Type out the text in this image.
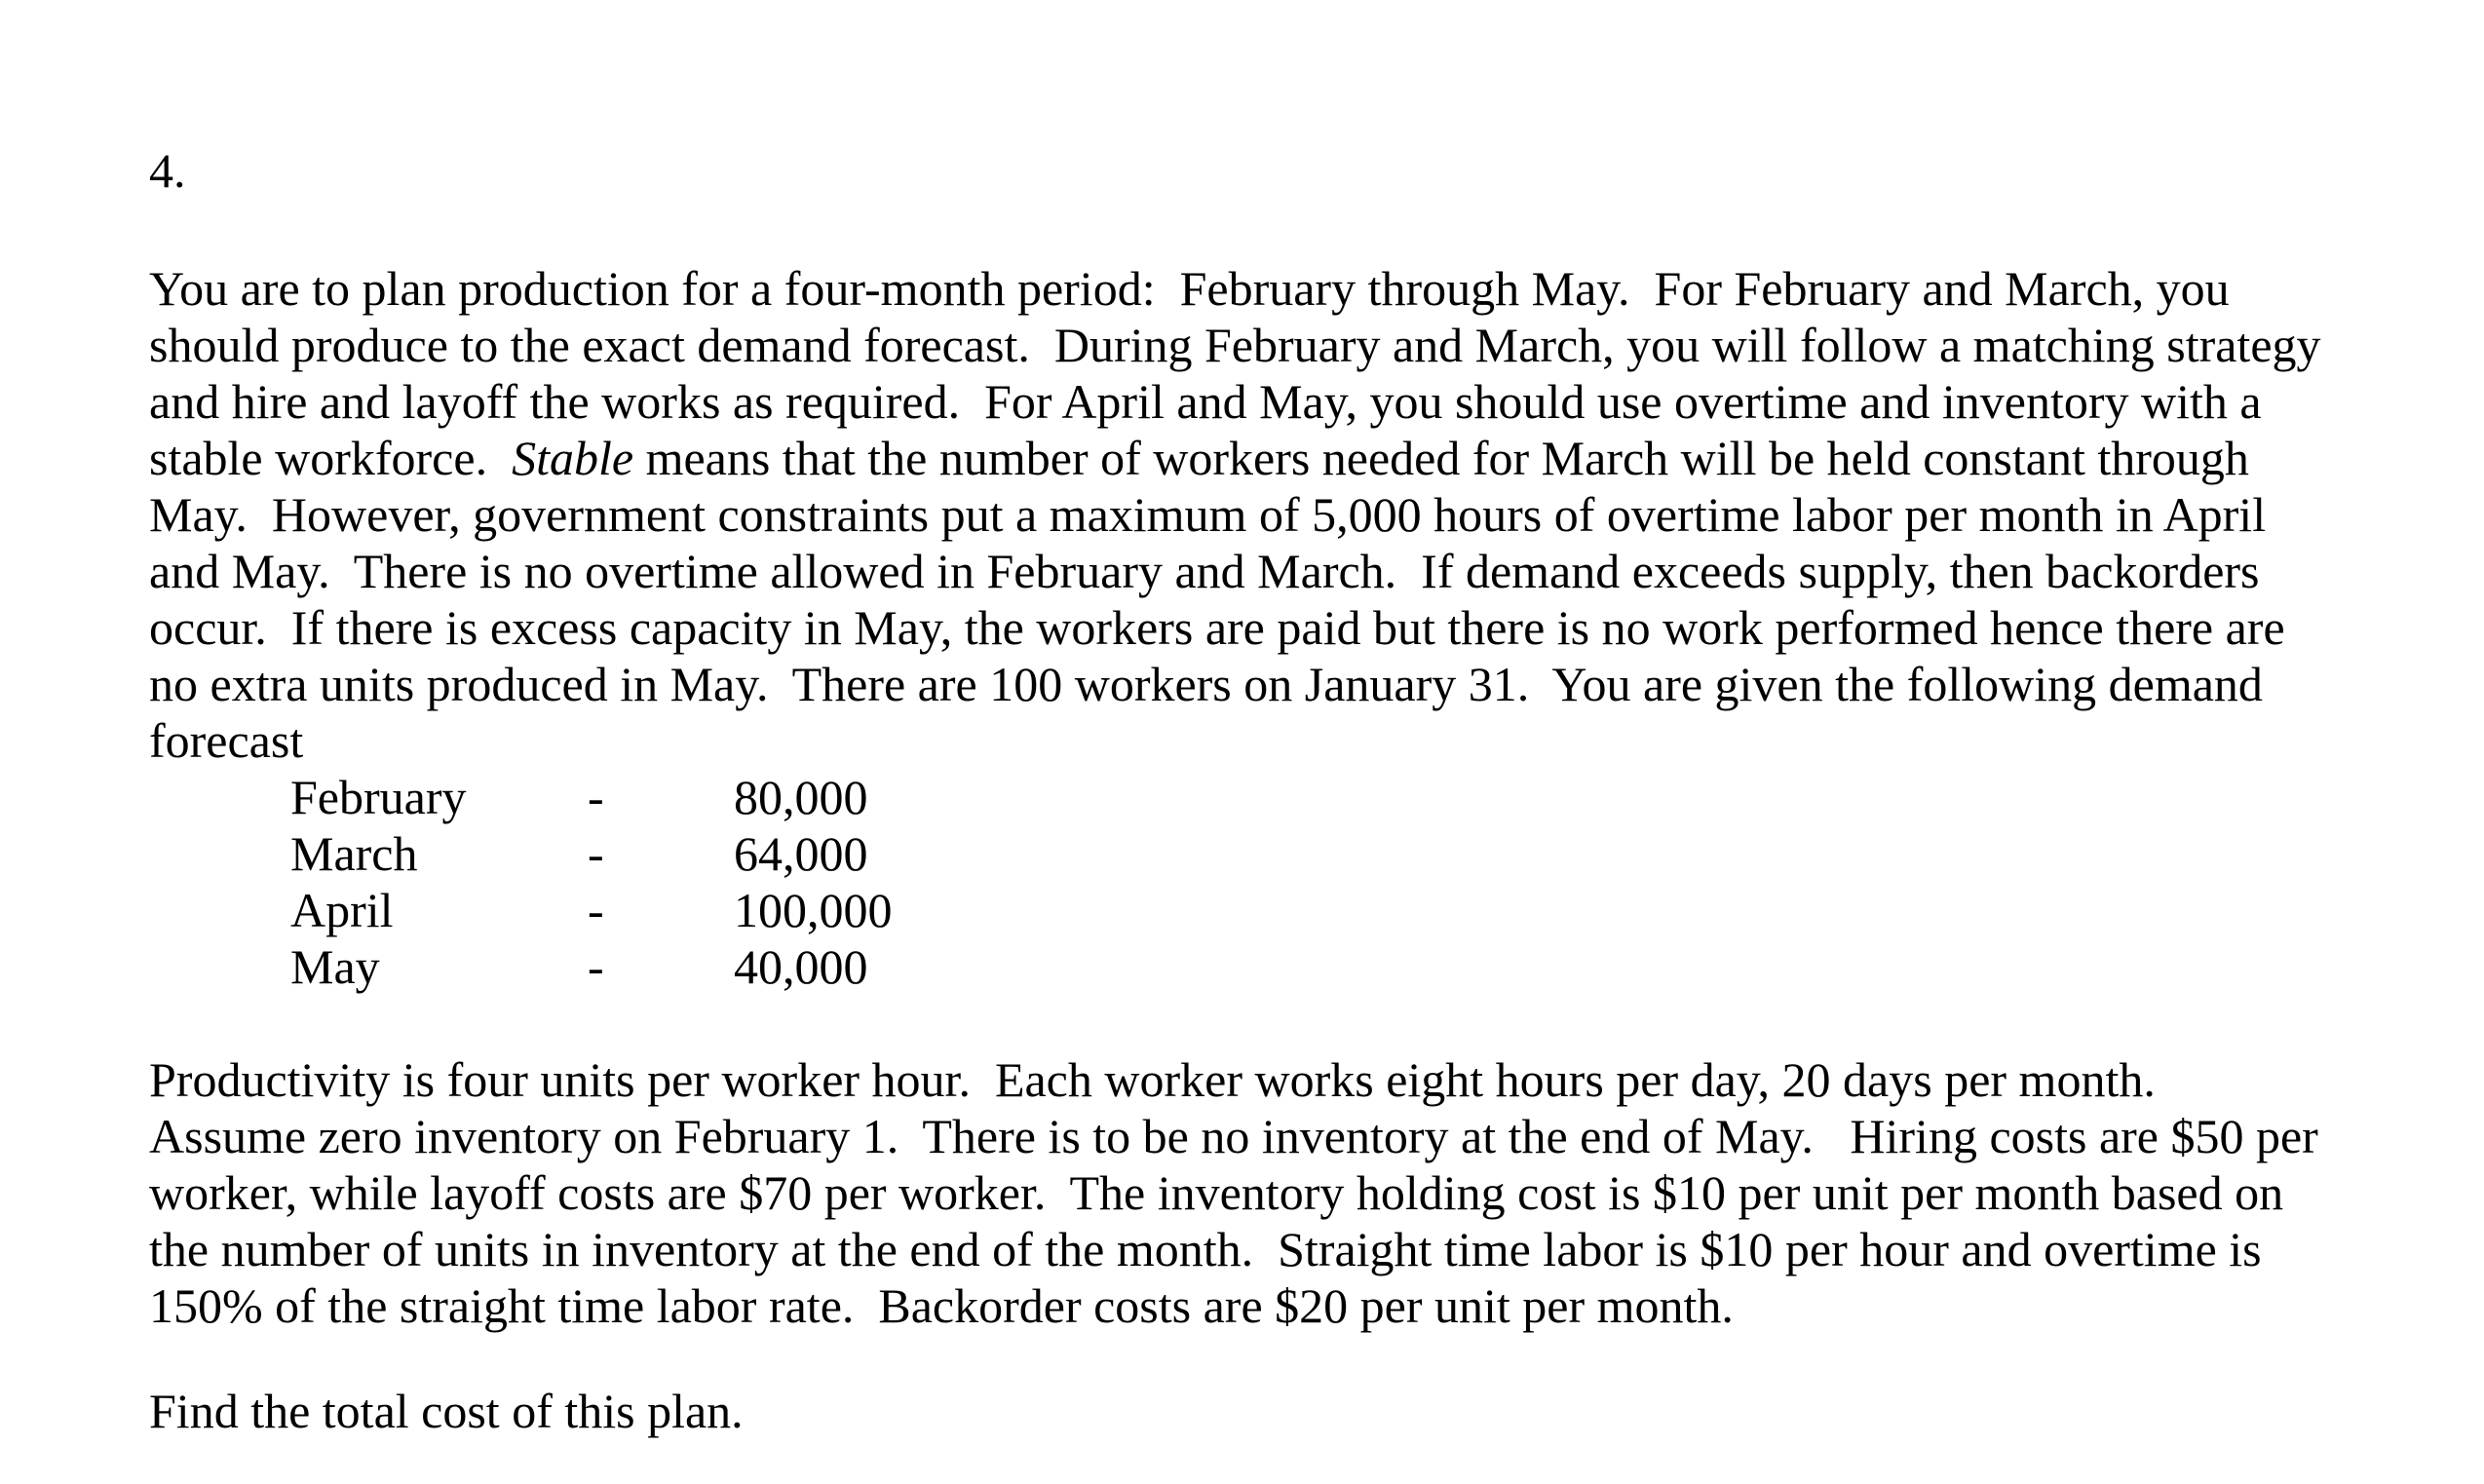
4.
You are to plan production for a four-month period:  February through May.  For February and March, you
should produce to the exact demand forecast.  During February and March, you will follow a matching strategy
and hire and layoff the works as required.  For April and May, you should use overtime and inventory with a
stable workforce.  Stable means that the number of workers needed for March will be held constant through
May.  However, government constraints put a maximum of 5,000 hours of overtime labor per month in April
and May.  There is no overtime allowed in February and March.  If demand exceeds supply, then backorders
occur.  If there is excess capacity in May, the workers are paid but there is no work performed hence there are
no extra units produced in May.  There are 100 workers on January 31.  You are given the following demand
forecast
February -	80,000
March	-	64,000
April	-	100,000
May	-	40,000
Productivity is four units per worker hour.  Each worker works eight hours per day, 20 days per month.
Assume zero inventory on February 1.  There is to be no inventory at the end of May.   Hiring costs are $50 per
worker, while layoff costs are $70 per worker.  The inventory holding cost is $10 per unit per month based on
the number of units in inventory at the end of the month.  Straight time labor is $10 per hour and overtime is
150% of the straight time labor rate.  Backorder costs are $20 per unit per month.
Find the total cost of this plan.
